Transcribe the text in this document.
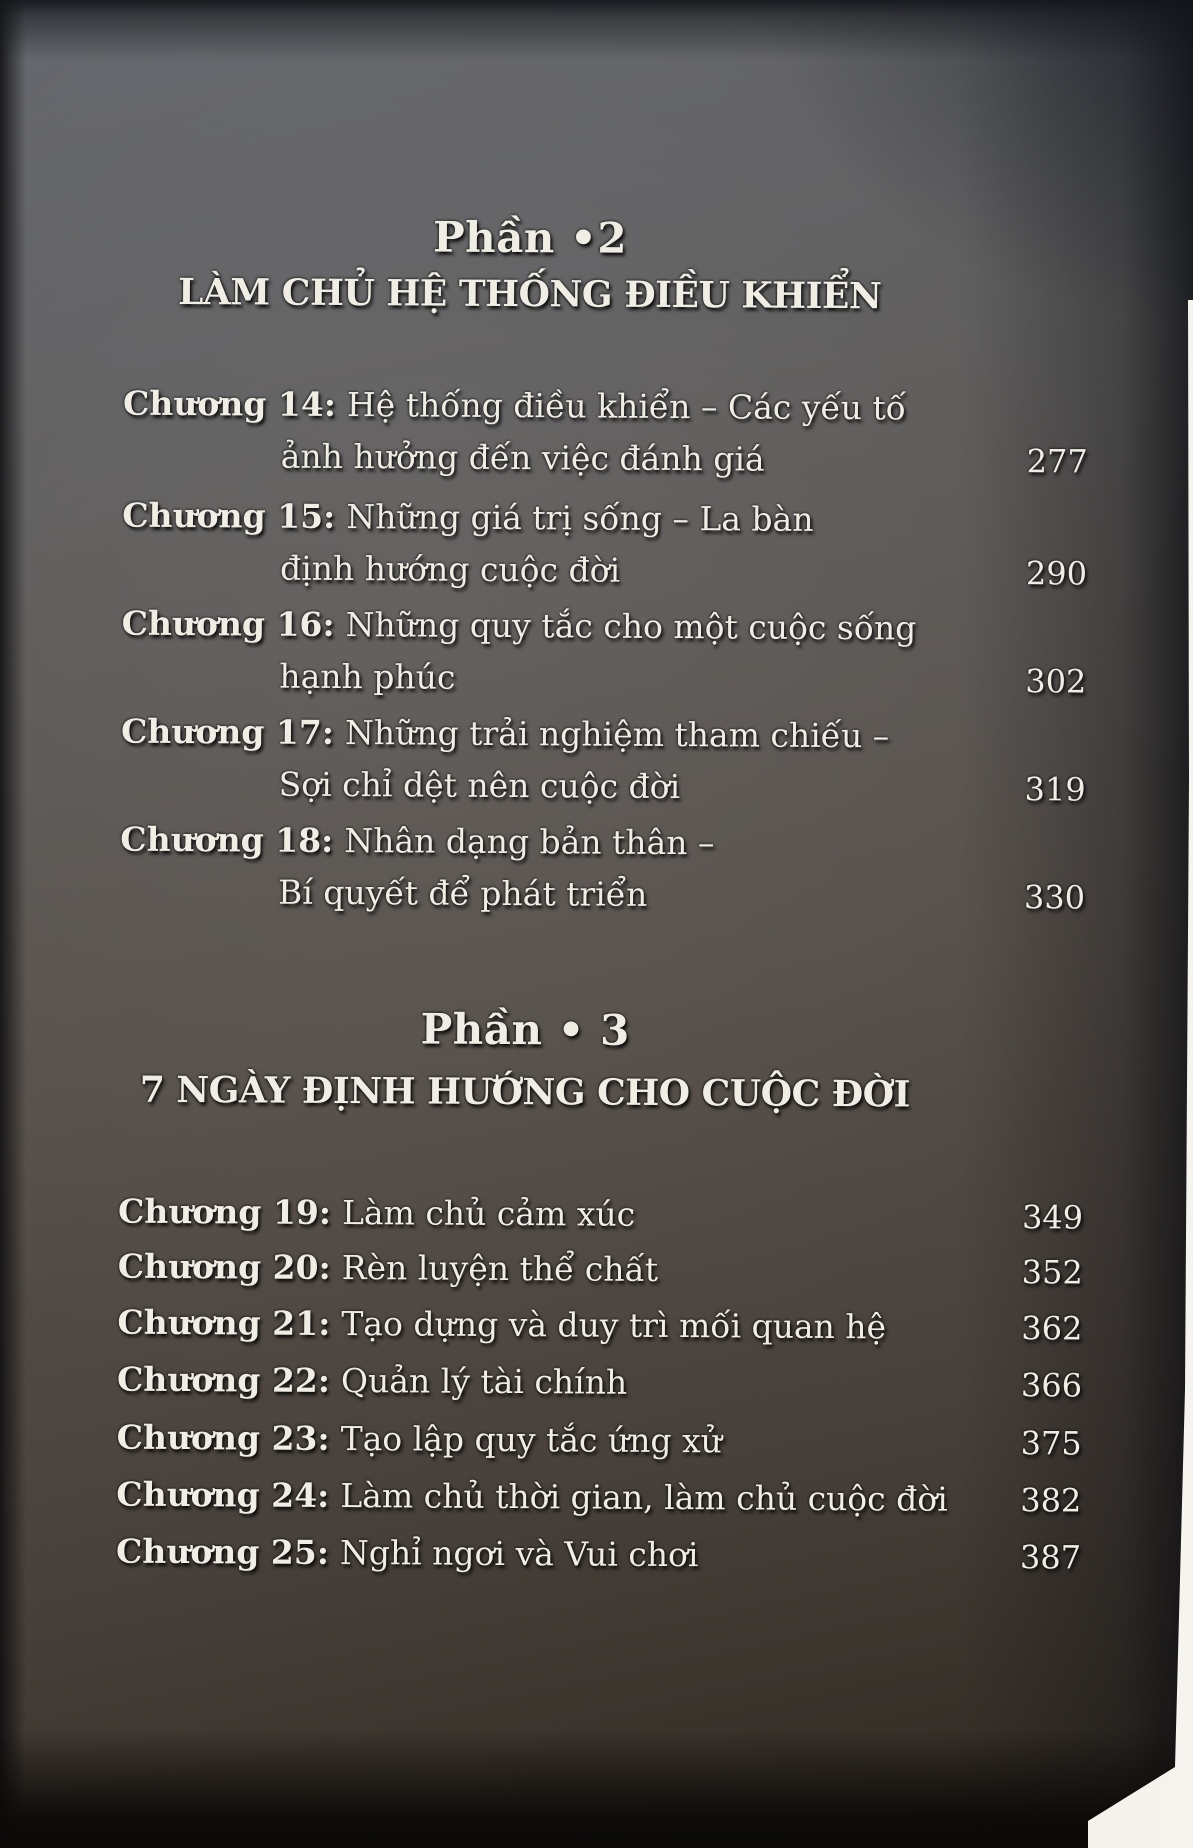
Phần •2
LÀM CHỦ HỆ THỐNG ĐIỀU KHIỂN
Phần • 3
7 NGÀY ĐỊNH HƯỚNG CHO CUỘC ĐỜI
Chương 14: Hệ thống điều khiển – Các yếu tố
ảnh hưởng đến việc đánh giá	277
Chương 15: Những giá trị sống – La bàn
định hướng cuộc đời	290
Chương 16: Những quy tắc cho một cuộc sống
hạnh phúc	302
Chương 17: Những trải nghiệm tham chiếu –
Sợi chỉ dệt nên cuộc đời	319
Chương 18: Nhân dạng bản thân –
Bí quyết để phát triển	330
Chương 19: Làm chủ cảm xúc	349
Chương 20: Rèn luyện thể chất	352
Chương 21: Tạo dựng và duy trì mối quan hệ	362
Chương 22: Quản lý tài chính	366
Chương 23: Tạo lập quy tắc ứng xử	375
Chương 24: Làm chủ thời gian, làm chủ cuộc đời 382
Chương 25: Nghỉ ngơi và Vui chơi	387
